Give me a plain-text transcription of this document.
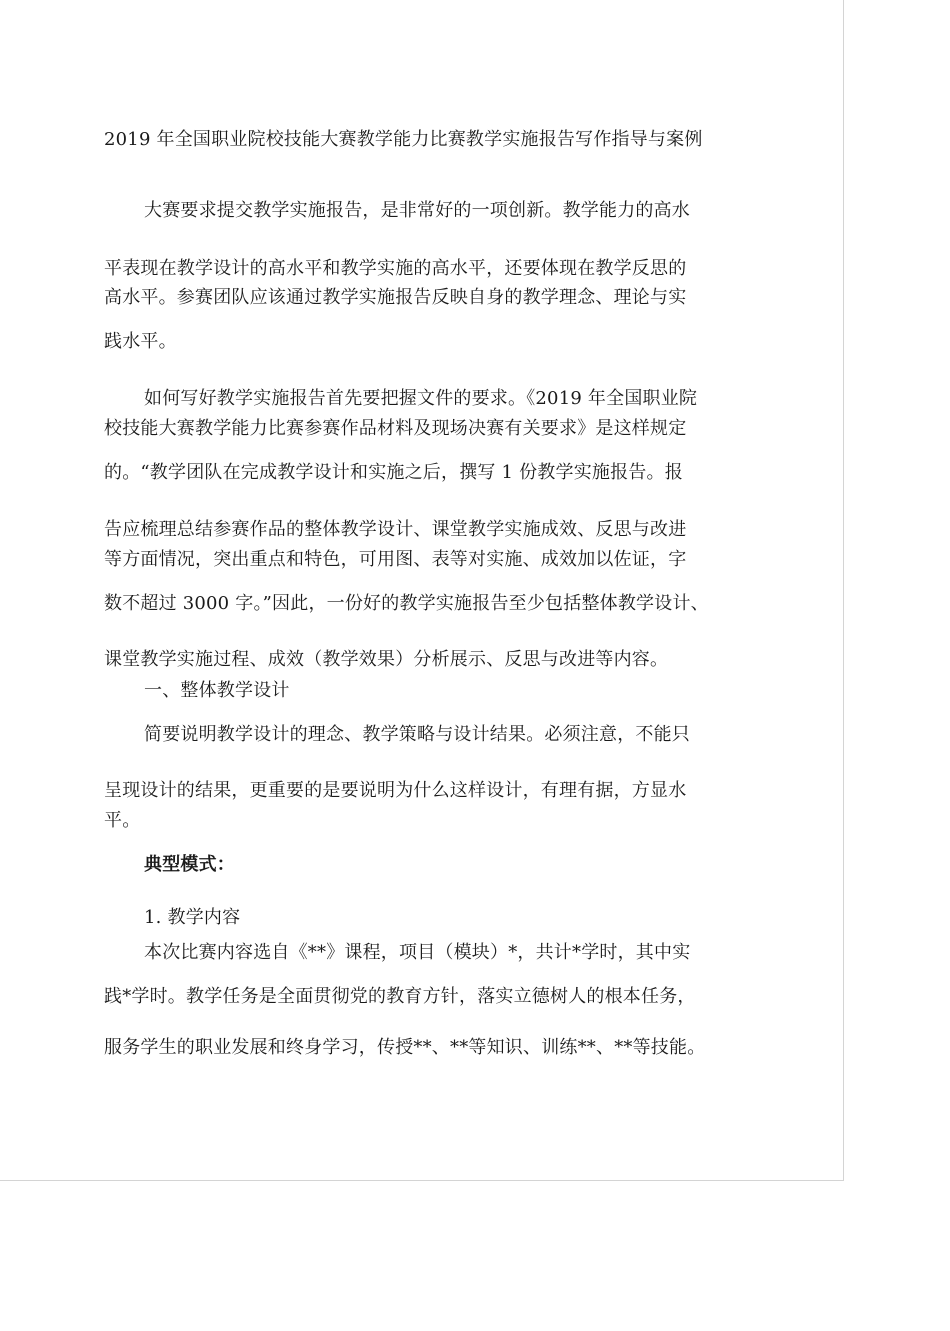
2019 年全国职业院校技能大赛教学能力比赛教学实施报告写作指导与案例
大赛要求提交教学实施报告，是非常好的一项创新。教学能力的高水
平表现在教学设计的高水平和教学实施的高水平，还要体现在教学反思的
高水平。参赛团队应该通过教学实施报告反映自身的教学理念、理论与实
践水平。
如何写好教学实施报告首先要把握文件的要求。《2019 年全国职业院
校技能大赛教学能力比赛参赛作品材料及现场决赛有关要求》是这样规定
的。“教学团队在完成教学设计和实施之后，撰写 1 份教学实施报告。报
告应梳理总结参赛作品的整体教学设计、课堂教学实施成效、反思与改进
等方面情况，突出重点和特色，可用图、表等对实施、成效加以佐证，字
数不超过 3000 字。”因此，一份好的教学实施报告至少包括整体教学设计、
课堂教学实施过程、成效（教学效果）分析展示、反思与改进等内容。
一、整体教学设计
简要说明教学设计的理念、教学策略与设计结果。必须注意，不能只
呈现设计的结果，更重要的是要说明为什么这样设计，有理有据，方显水
平。
典型模式：
1. 教学内容
本次比赛内容选自《**》课程，项目（模块）*，共计*学时，其中实
践*学时。教学任务是全面贯彻党的教育方针，落实立德树人的根本任务，
服务学生的职业发展和终身学习，传授**、**等知识、训练**、**等技能。
